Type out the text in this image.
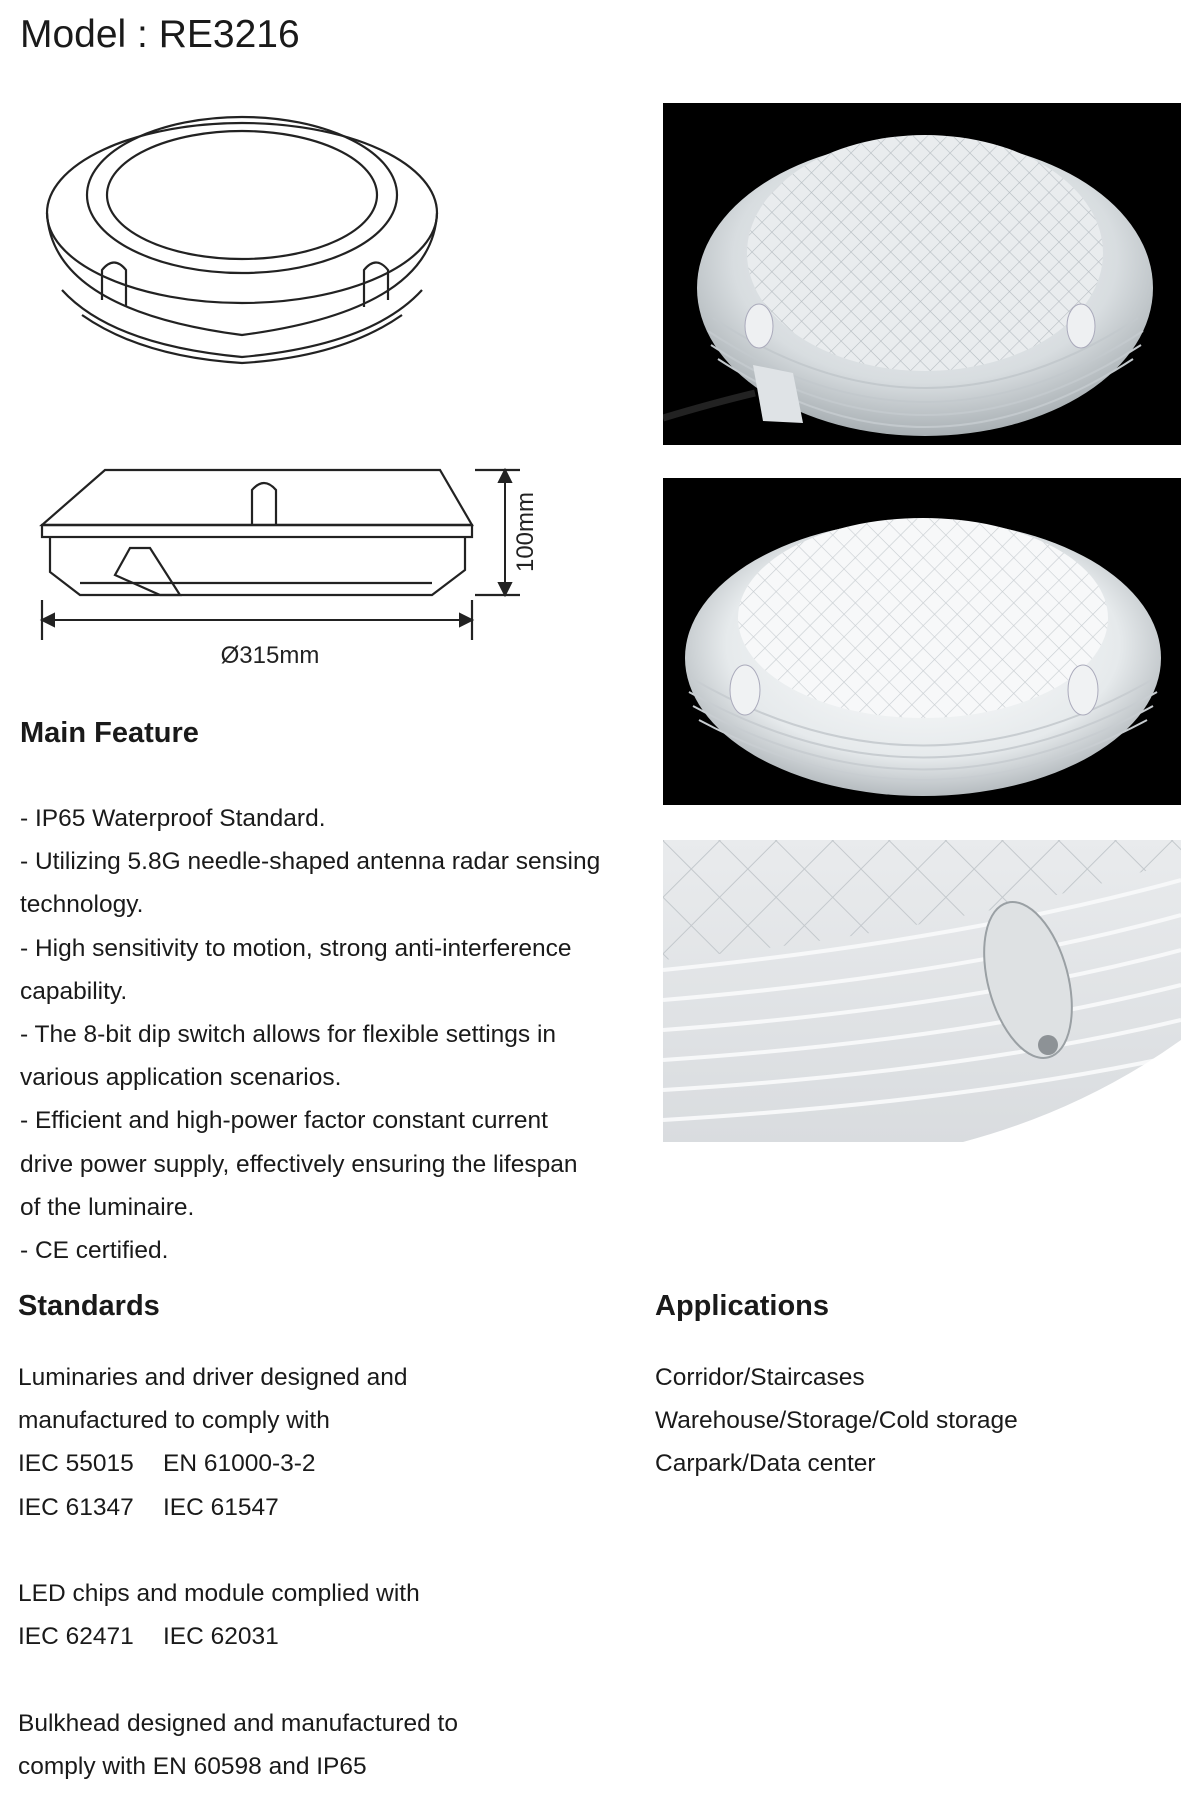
Model : RE3216
100mm
Ø315mm
Main Feature

- IP65 Waterproof Standard.

- Utilizing 5.8G needle-shaped antenna radar sensing

technology.

- High sensitivity to motion, strong anti-interference

capability.

- The 8-bit dip switch allows for flexible settings in

various application scenarios.

- Efficient and high-power factor constant current

drive power supply, effectively ensuring the lifespan

of the luminaire.

- CE certified.

Standards

Luminaries and driver designed and

manufactured to comply with

IEC 55015 EN 61000-3-2

IEC 61347 IEC 61547

LED chips and module complied with

IEC 62471 IEC 62031

Bulkhead designed and manufactured to

comply with EN 60598 and IP65

Applications

Corridor/Staircases

Warehouse/Storage/Cold storage

Carpark/Data center
